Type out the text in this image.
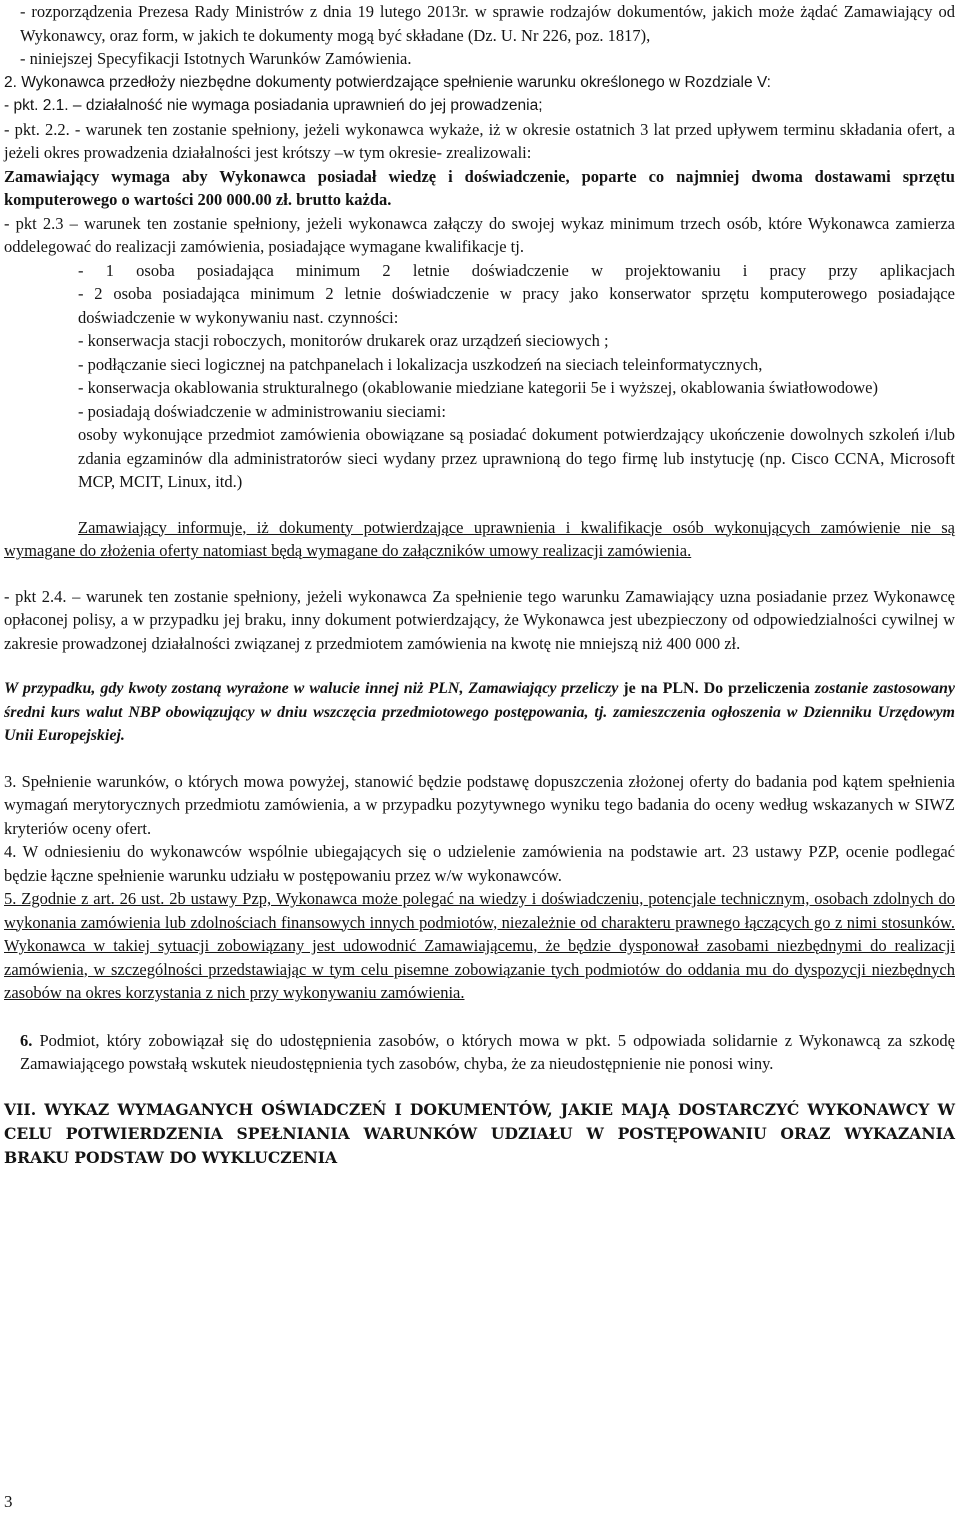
- rozporządzenia Prezesa Rady Ministrów z dnia 19 lutego 2013r. w sprawie rodzajów dokumentów, jakich może żądać Zamawiający od Wykonawcy, oraz form, w jakich te dokumenty mogą być składane (Dz. U. Nr 226, poz. 1817),

- niniejszej Specyfikacji Istotnych Warunków Zamówienia.

2. Wykonawca przedłoży niezbędne dokumenty potwierdzające spełnienie warunku określonego w Rozdziale V:

- pkt. 2.1. – działalność nie wymaga posiadania uprawnień do jej prowadzenia;

- pkt. 2.2. - warunek ten zostanie spełniony, jeżeli wykonawca wykaże, iż w okresie ostatnich 3 lat przed upływem terminu składania ofert, a jeżeli okres prowadzenia działalności jest krótszy –w tym okresie- zrealizowali:

Zamawiający wymaga aby Wykonawca posiadał wiedzę i doświadczenie, poparte co najmniej dwoma dostawami sprzętu komputerowego o wartości 200 000.00 zł. brutto każda.

- pkt 2.3 – warunek ten zostanie spełniony, jeżeli wykonawca załączy do swojej wykaz minimum trzech osób, które Wykonawca zamierza oddelegować do realizacji zamówienia, posiadające wymagane kwalifikacje tj.

- 1 osoba posiadająca minimum 2 letnie doświadczenie w projektowaniu i pracy przy aplikacjach

- 2 osoba posiadająca minimum 2 letnie doświadczenie w pracy jako konserwator sprzętu komputerowego posiadające doświadczenie w wykonywaniu nast. czynności:

- konserwacja stacji roboczych, monitorów drukarek oraz urządzeń sieciowych ;

- podłączanie sieci logicznej na patchpanelach i lokalizacja uszkodzeń na sieciach teleinformatycznych,

- konserwacja okablowania strukturalnego (okablowanie miedziane kategorii 5e i wyższej, okablowania światłowodowe)

- posiadają doświadczenie w administrowaniu sieciami:

osoby wykonujące przedmiot zamówienia obowiązane są posiadać dokument potwierdzający ukończenie dowolnych szkoleń i/lub zdania egzaminów dla administratorów sieci wydany przez uprawnioną do tego firmę lub instytucję (np. Cisco CCNA, Microsoft MCP, MCIT, Linux, itd.)

Zamawiający informuje, iż dokumenty potwierdzające uprawnienia i kwalifikacje osób wykonujących zamówienie nie są wymagane do złożenia oferty natomiast będą wymagane do załączników umowy realizacji zamówienia.

- pkt 2.4. – warunek ten zostanie spełniony, jeżeli wykonawca Za spełnienie tego warunku Zamawiający uzna posiadanie przez Wykonawcę opłaconej polisy, a w przypadku jej braku, inny dokument potwierdzający, że Wykonawca jest ubezpieczony od odpowiedzialności cywilnej w zakresie prowadzonej działalności związanej z przedmiotem zamówienia na kwotę nie mniejszą niż 400 000 zł.

W przypadku, gdy kwoty zostaną wyrażone w walucie innej niż PLN, Zamawiający przeliczy je na PLN. Do przeliczenia zostanie zastosowany średni kurs walut NBP obowiązujący w dniu wszczęcia przedmiotowego postępowania, tj. zamieszczenia ogłoszenia w Dzienniku Urzędowym Unii Europejskiej.

3. Spełnienie warunków, o których mowa powyżej, stanowić będzie podstawę dopuszczenia złożonej oferty do badania pod kątem spełnienia wymagań merytorycznych przedmiotu zamówienia, a w przypadku pozytywnego wyniku tego badania do oceny według wskazanych w SIWZ kryteriów oceny ofert.

4. W odniesieniu do wykonawców wspólnie ubiegających się o udzielenie zamówienia na podstawie art. 23 ustawy PZP, ocenie podlegać będzie łączne spełnienie warunku udziału w postępowaniu przez w/w wykonawców.

5. Zgodnie z art. 26 ust. 2b ustawy Pzp, Wykonawca może polegać na wiedzy i doświadczeniu, potencjale technicznym, osobach zdolnych do wykonania zamówienia lub zdolnościach finansowych innych podmiotów, niezależnie od charakteru prawnego łączących go z nimi stosunków. Wykonawca w takiej sytuacji zobowiązany jest udowodnić Zamawiającemu, że będzie dysponował zasobami niezbędnymi do realizacji zamówienia, w szczególności przedstawiając w tym celu pisemne zobowiązanie tych podmiotów do oddania mu do dyspozycji niezbędnych zasobów na okres korzystania z nich przy wykonywaniu zamówienia.

6. Podmiot, który zobowiązał się do udostępnienia zasobów, o których mowa w pkt. 5 odpowiada solidarnie z Wykonawcą za szkodę Zamawiającego powstałą wskutek nieudostępnienia tych zasobów, chyba, że za nieudostępnienie nie ponosi winy.

VII. WYKAZ WYMAGANYCH OŚWIADCZEŃ I DOKUMENTÓW, JAKIE MAJĄ DOSTARCZYĆ WYKONAWCY W CELU POTWIERDZENIA SPEŁNIANIA WARUNKÓW UDZIAŁU W POSTĘPOWANIU ORAZ WYKAZANIA BRAKU PODSTAW DO WYKLUCZENIA

3
